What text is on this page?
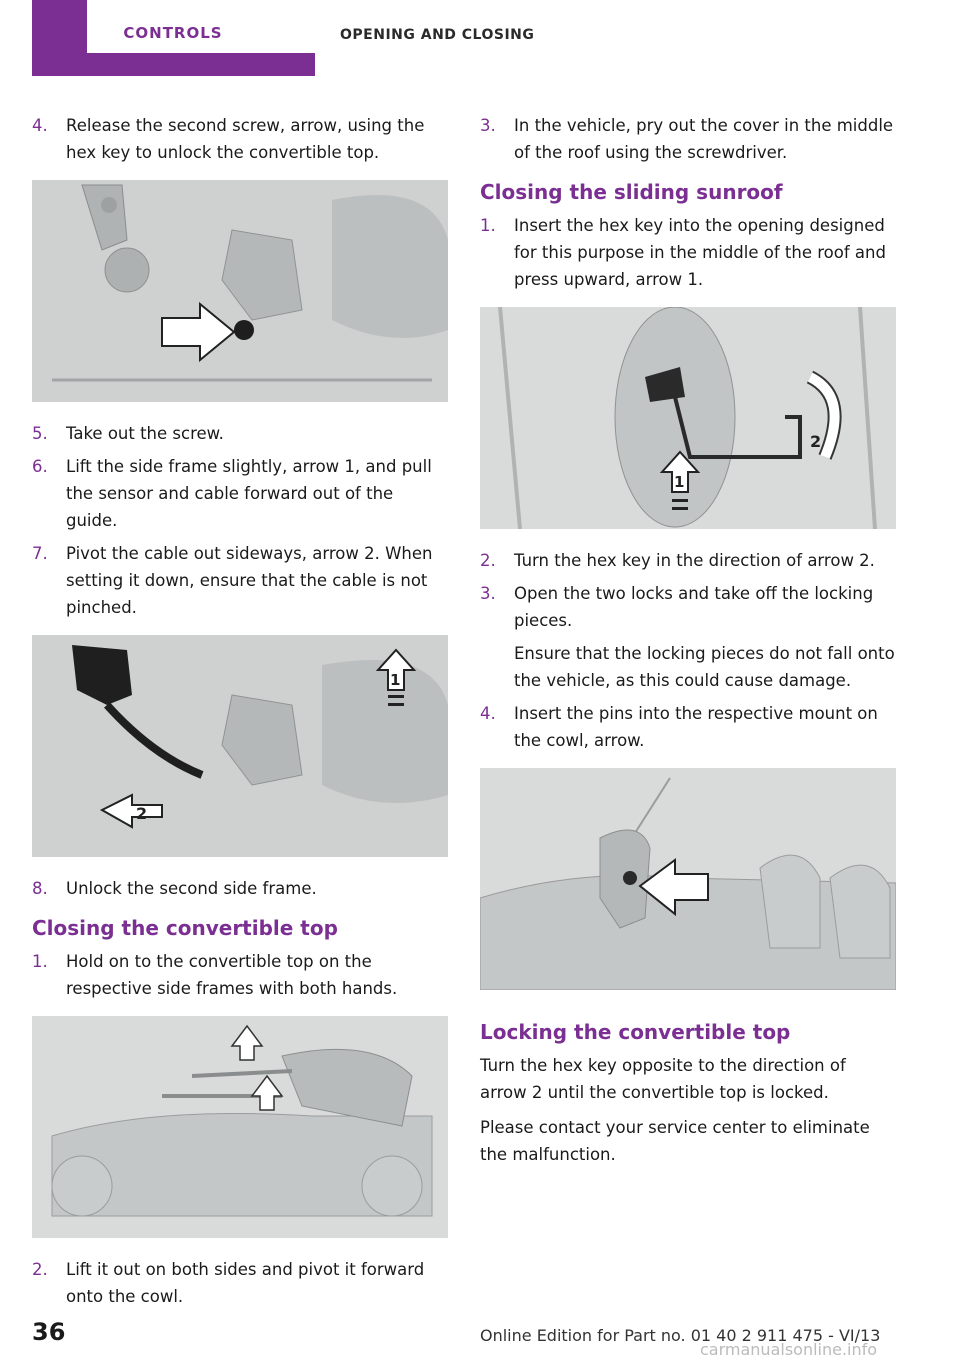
CONTROLS	OPENING AND CLOSING
4. Release the second screw, arrow, using the hex key to unlock the convertible top.

5. Take out the screw.

6. Lift the side frame slightly, arrow 1, and pull the sensor and cable forward out of the guide.

7. Pivot the cable out sideways, arrow 2. When setting it down, ensure that the cable is not pinched.

2
1
8. Unlock the second side frame.

Closing the convertible top
1. Hold on to the convertible top on the respective side frames with both hands.

2. Lift it out on both sides and pivot it forward onto the cowl.

3. In the vehicle, pry out the cover in the middle of the roof using the screwdriver.

Closing the sliding sunroof
1. Insert the hex key into the opening designed for this purpose in the middle of the roof and press upward, arrow 1.

1
2
2. Turn the hex key in the direction of arrow 2.

3. Open the two locks and take off the locking pieces.

Ensure that the locking pieces do not fall onto the vehicle, as this could cause damage.

4. Insert the pins into the respective mount on the cowl, arrow.

Locking the convertible top

Turn the hex key opposite to the direction of arrow 2 until the convertible top is locked.

Please contact your service center to eliminate the malfunction.

36	Online Edition for Part no. 01 40 2 911 475 - VI/13
carmanualsonline.info
